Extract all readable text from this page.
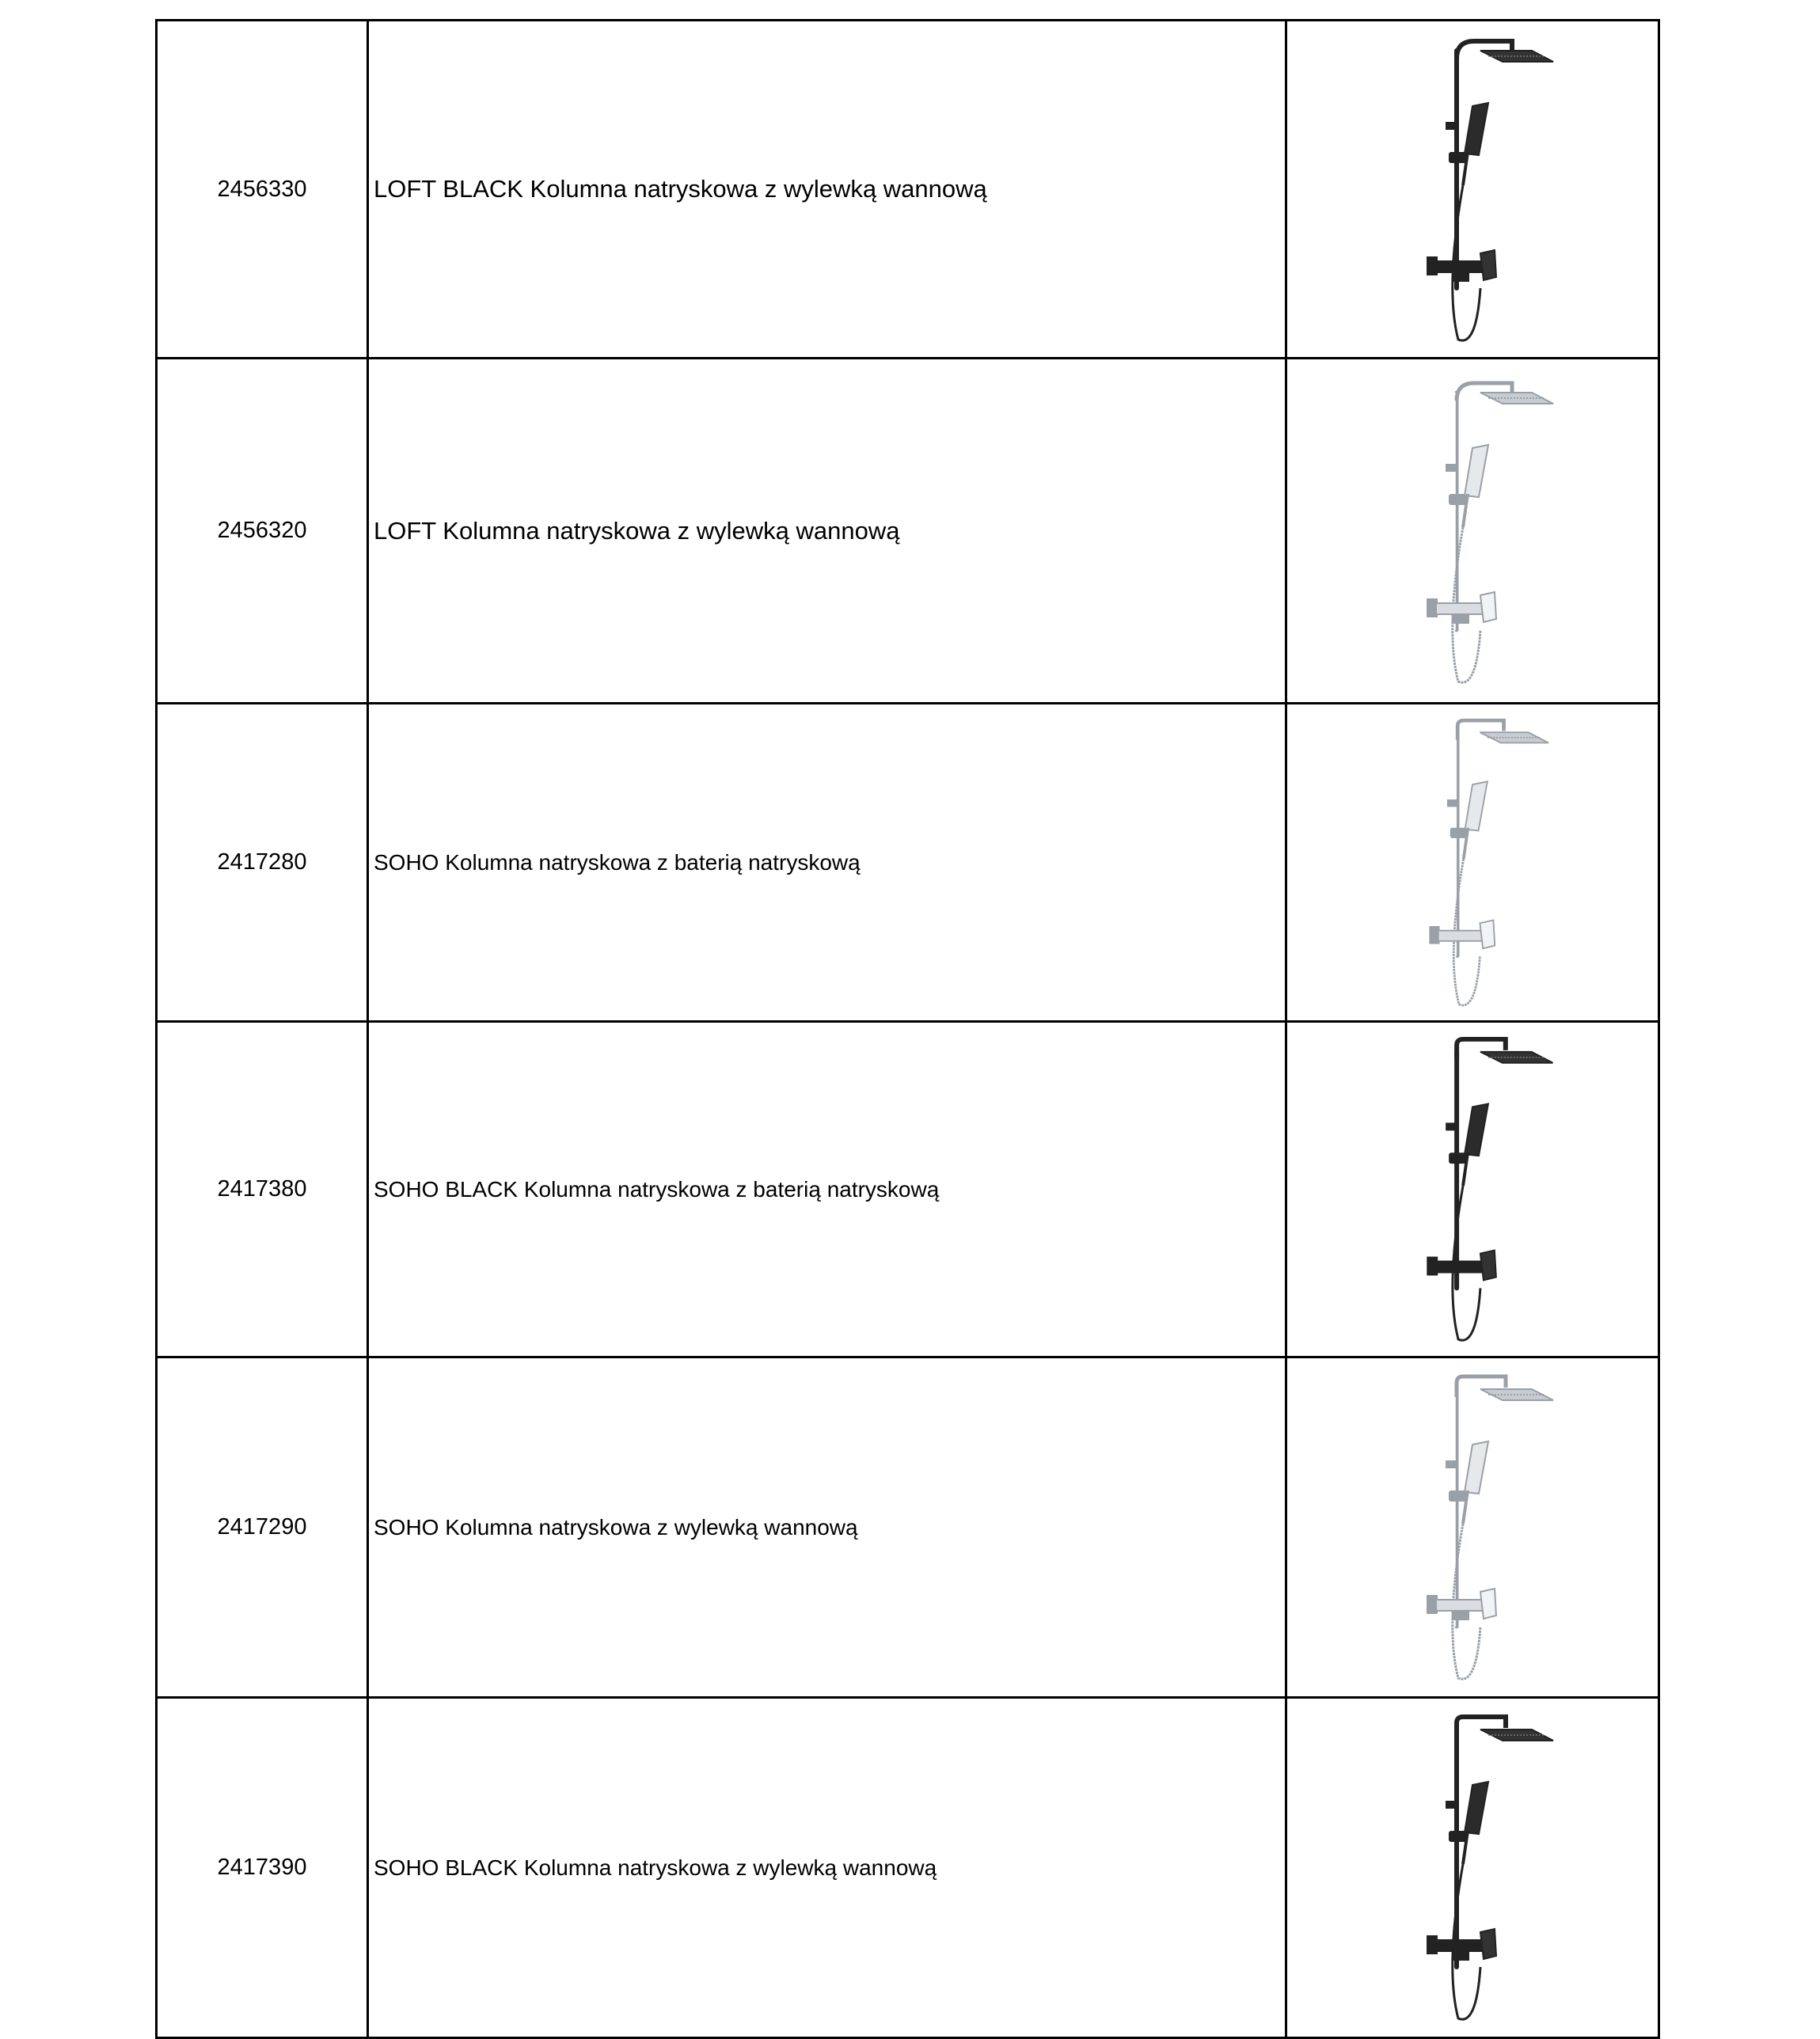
2456330	LOFT BLACK Kolumna natryskowa z wylewką wannową	

2456320	LOFT Kolumna natryskowa z wylewką wannową	

2417280	SOHO Kolumna natryskowa z baterią natryskową	

2417380	SOHO BLACK Kolumna natryskowa z baterią natryskową	

2417290	SOHO Kolumna natryskowa z wylewką wannową	

2417390	SOHO BLACK Kolumna natryskowa z wylewką wannową	
